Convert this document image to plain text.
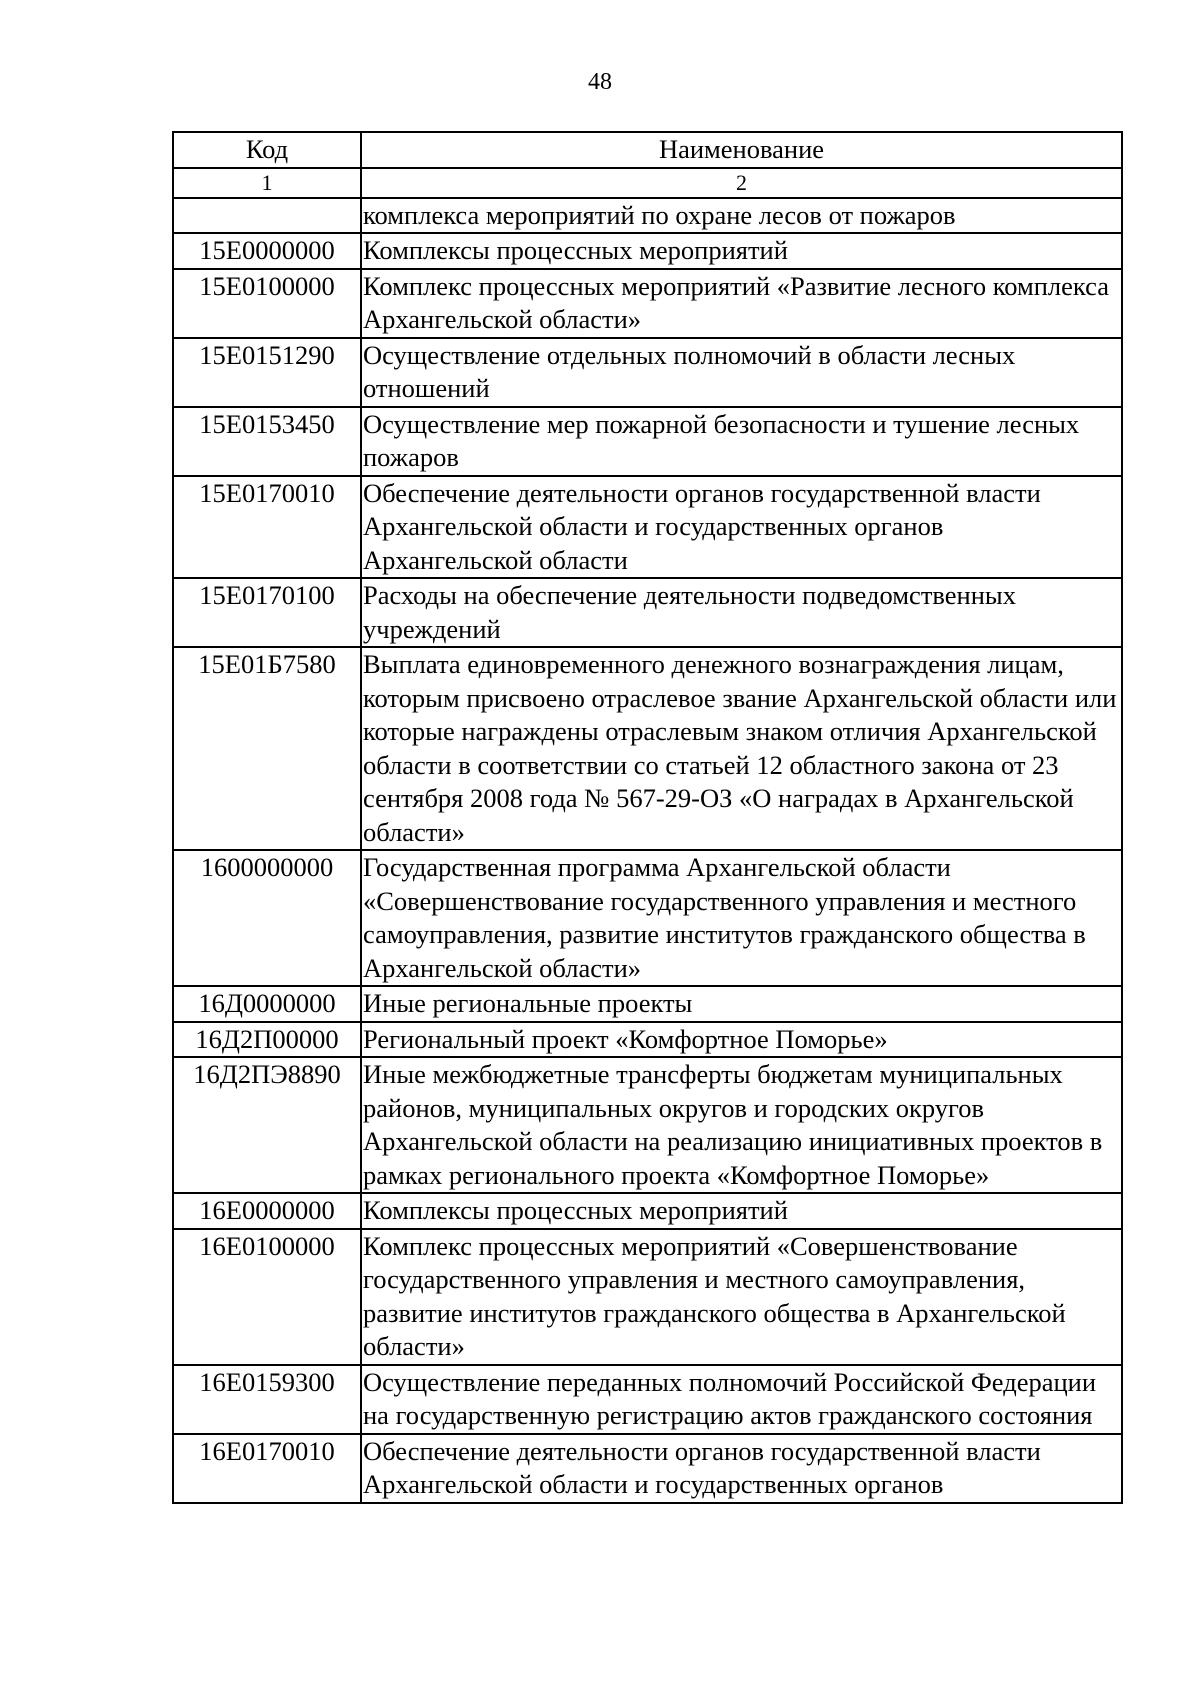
48
Код	Наименование
1	2
	комплекса мероприятий по охране лесов от пожаров
15Е0000000	Комплексы процессных мероприятий
15Е0100000	Комплекс процессных мероприятий «Развитие лесного комплекса Архангельской области»
15Е0151290	Осуществление отдельных полномочий в области лесных отношений
15Е0153450	Осуществление мер пожарной безопасности и тушение лесных пожаров
15Е0170010	Обеспечение деятельности органов государственной власти Архангельской области и государственных органов Архангельской области
15Е0170100	Расходы на обеспечение деятельности подведомственных учреждений
15Е01Б7580	Выплата единовременного денежного вознаграждения лицам, которым присвоено отраслевое звание Архангельской области или которые награждены отраслевым знаком отличия Архангельской области в соответствии со статьей 12 областного закона от 23 сентября 2008 года № 567-29-ОЗ «О наградах в Архангельской области»
1600000000	Государственная программа Архангельской области «Совершенствование государственного управления и местного самоуправления, развитие институтов гражданского общества в Архангельской области»
16Д0000000	Иные региональные проекты
16Д2П00000	Региональный проект «Комфортное Поморье»
16Д2ПЭ8890	Иные межбюджетные трансферты бюджетам муниципальных районов, муниципальных округов и городских округов Архангельской области на реализацию инициативных проектов в рамках регионального проекта «Комфортное Поморье»
16Е0000000	Комплексы процессных мероприятий
16Е0100000	Комплекс процессных мероприятий «Совершенствование государственного управления и местного самоуправления, развитие институтов гражданского общества в Архангельской области»
16Е0159300	Осуществление переданных полномочий Российской Федерации на государственную регистрацию актов гражданского состояния
16Е0170010	Обеспечение деятельности органов государственной власти Архангельской области и государственных органов
